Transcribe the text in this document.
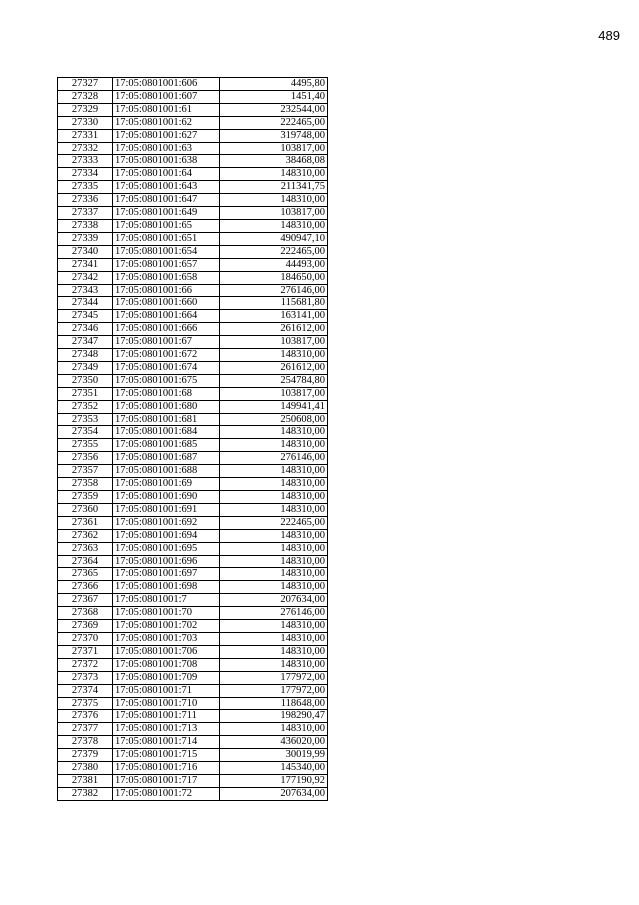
489
27327	17:05:0801001:606	4495,80
27328	17:05:0801001:607	1451,40
27329	17:05:0801001:61	232544,00
27330	17:05:0801001:62	222465,00
27331	17:05:0801001:627	319748,00
27332	17:05:0801001:63	103817,00
27333	17:05:0801001:638	38468,08
27334	17:05:0801001:64	148310,00
27335	17:05:0801001:643	211341,75
27336	17:05:0801001:647	148310,00
27337	17:05:0801001:649	103817,00
27338	17:05:0801001:65	148310,00
27339	17:05:0801001:651	490947,10
27340	17:05:0801001:654	222465,00
27341	17:05:0801001:657	44493,00
27342	17:05:0801001:658	184650,00
27343	17:05:0801001:66	276146,00
27344	17:05:0801001:660	115681,80
27345	17:05:0801001:664	163141,00
27346	17:05:0801001:666	261612,00
27347	17:05:0801001:67	103817,00
27348	17:05:0801001:672	148310,00
27349	17:05:0801001:674	261612,00
27350	17:05:0801001:675	254784,80
27351	17:05:0801001:68	103817,00
27352	17:05:0801001:680	149941,41
27353	17:05:0801001:681	250608,00
27354	17:05:0801001:684	148310,00
27355	17:05:0801001:685	148310,00
27356	17:05:0801001:687	276146,00
27357	17:05:0801001:688	148310,00
27358	17:05:0801001:69	148310,00
27359	17:05:0801001:690	148310,00
27360	17:05:0801001:691	148310,00
27361	17:05:0801001:692	222465,00
27362	17:05:0801001:694	148310,00
27363	17:05:0801001:695	148310,00
27364	17:05:0801001:696	148310,00
27365	17:05:0801001:697	148310,00
27366	17:05:0801001:698	148310,00
27367	17:05:0801001:7	207634,00
27368	17:05:0801001:70	276146,00
27369	17:05:0801001:702	148310,00
27370	17:05:0801001:703	148310,00
27371	17:05:0801001:706	148310,00
27372	17:05:0801001:708	148310,00
27373	17:05:0801001:709	177972,00
27374	17:05:0801001:71	177972,00
27375	17:05:0801001:710	118648,00
27376	17:05:0801001:711	198290,47
27377	17:05:0801001:713	148310,00
27378	17:05:0801001:714	436020,00
27379	17:05:0801001:715	30019,99
27380	17:05:0801001:716	145340,00
27381	17:05:0801001:717	177190,92
27382	17:05:0801001:72	207634,00
